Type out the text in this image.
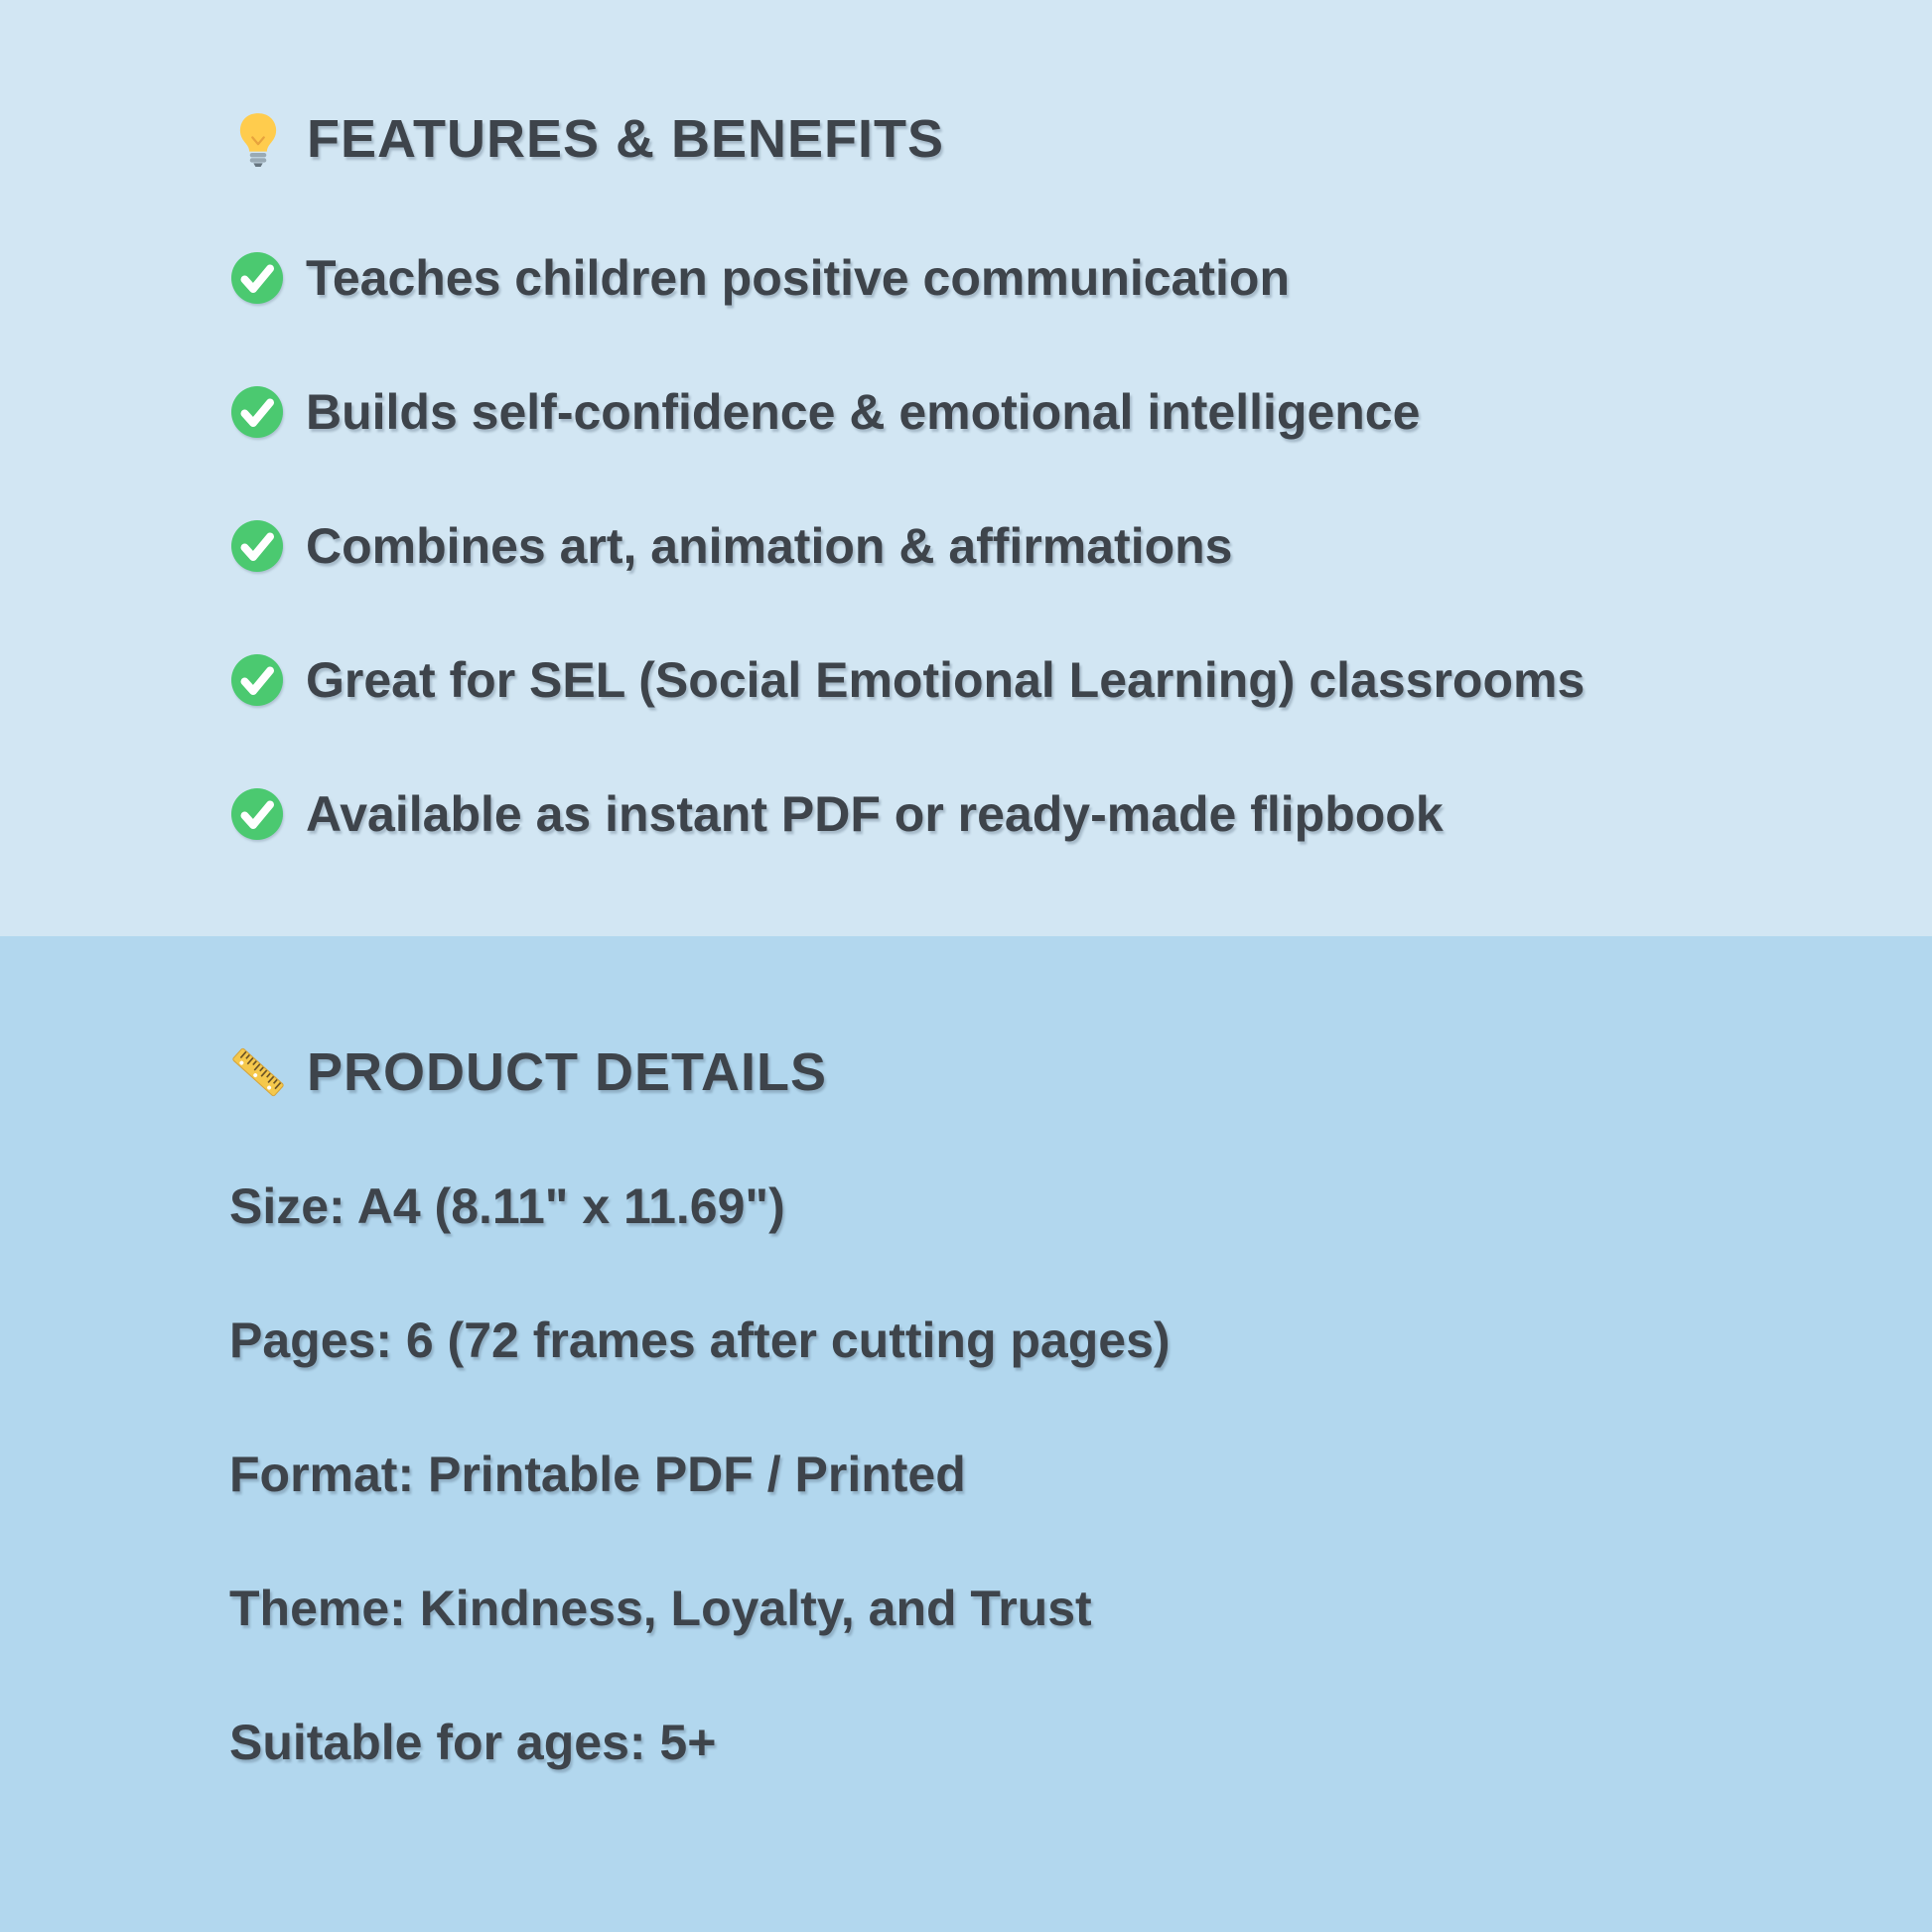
FEATURES & BENEFITS
Teaches children positive communication
Builds self-confidence & emotional intelligence
Combines art, animation & affirmations
Great for SEL (Social Emotional Learning) classrooms
Available as instant PDF or ready-made flipbook
PRODUCT DETAILS
Size: A4 (8.11" x 11.69")
Pages: 6 (72 frames after cutting pages)
Format: Printable PDF / Printed
Theme: Kindness, Loyalty, and Trust
Suitable for ages: 5+
